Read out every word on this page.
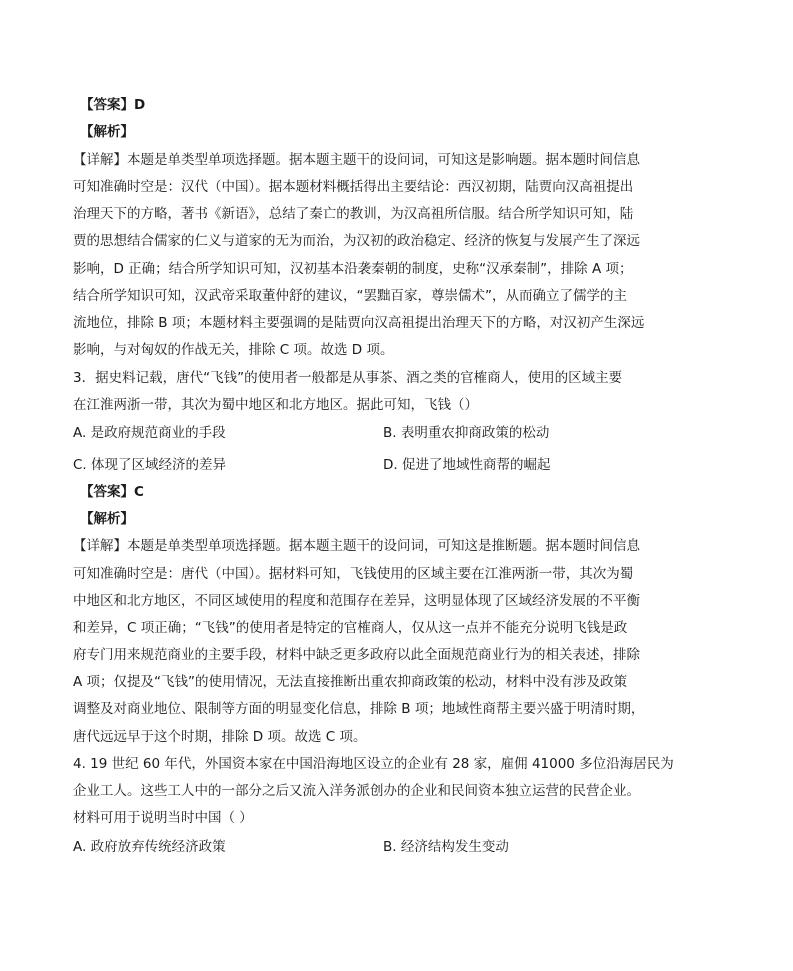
【答案】D
【解析】
【详解】本题是单类型单项选择题。据本题主题干的设问词，可知这是影响题。据本题时间信息
可知准确时空是：汉代（中国）。据本题材料概括得出主要结论：西汉初期，陆贾向汉高祖提出
治理天下的方略，著书《新语》，总结了秦亡的教训，为汉高祖所信服。结合所学知识可知，陆
贾的思想结合儒家的仁义与道家的无为而治，为汉初的政治稳定、经济的恢复与发展产生了深远
影响，D 正确；结合所学知识可知，汉初基本沿袭秦朝的制度，史称“汉承秦制”，排除 A 项；
结合所学知识可知，汉武帝采取董仲舒的建议，“罢黜百家，尊崇儒术”，从而确立了儒学的主
流地位，排除 B 项；本题材料主要强调的是陆贾向汉高祖提出治理天下的方略，对汉初产生深远
影响，与对匈奴的作战无关，排除 C 项。故选 D 项。
3．据史料记载，唐代“飞钱”的使用者一般都是从事茶、酒之类的官榷商人，使用的区域主要
在江淮两浙一带，其次为蜀中地区和北方地区。据此可知，飞钱（）
A. 是政府规范商业的手段	B. 表明重农抑商政策的松动
C. 体现了区域经济的差异	D. 促进了地域性商帮的崛起
【答案】C
【解析】
【详解】本题是单类型单项选择题。据本题主题干的设问词，可知这是推断题。据本题时间信息
可知准确时空是：唐代（中国）。据材料可知，飞钱使用的区域主要在江淮两浙一带，其次为蜀
中地区和北方地区，不同区域使用的程度和范围存在差异，这明显体现了区域经济发展的不平衡
和差异，C 项正确；“飞钱”的使用者是特定的官榷商人，仅从这一点并不能充分说明飞钱是政
府专门用来规范商业的主要手段，材料中缺乏更多政府以此全面规范商业行为的相关表述，排除
A 项；仅提及“飞钱”的使用情况，无法直接推断出重农抑商政策的松动，材料中没有涉及政策
调整及对商业地位、限制等方面的明显变化信息，排除 B 项；地域性商帮主要兴盛于明清时期，
唐代远远早于这个时期，排除 D 项。故选 C 项。
4. 19 世纪 60 年代，外国资本家在中国沿海地区设立的企业有 28 家，雇佣 41000 多位沿海居民为
企业工人。这些工人中的一部分之后又流入洋务派创办的企业和民间资本独立运营的民营企业。
材料可用于说明当时中国（ ）
A. 政府放弃传统经济政策	B. 经济结构发生变动
